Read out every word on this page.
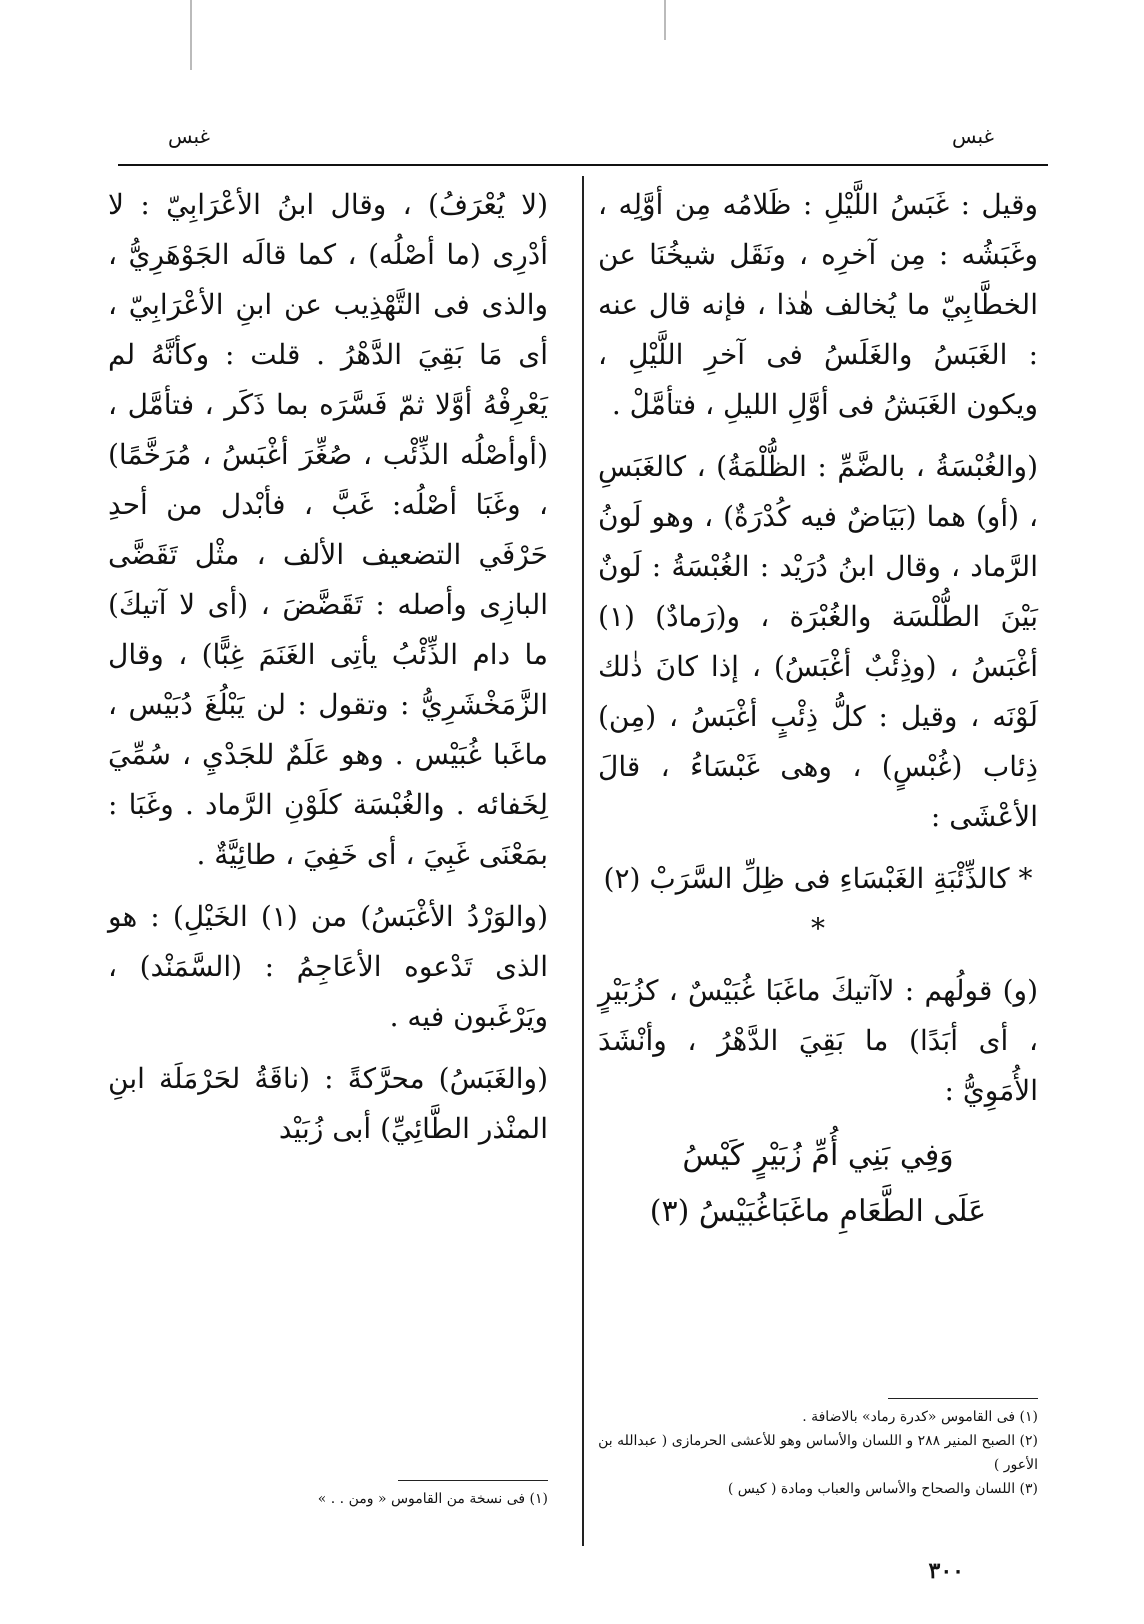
غبس
غبس

وقيل : غَبَسُ اللَّيْلِ : ظَلامُه مِن أوَّلِه ، وغَبَشُه : مِن آخرِه ، ونَقَل شيخُنَا عن الخطَّابِيّ ما يُخالف هٰذا ، فإنه قال عنه : الغَبَسُ والغَلَسُ فى آخرِ اللَّيْلِ ، ويكون الغَبَشُ فى أوَّلِ الليلِ ، فتأمَّلْ .

(والغُبْسَةُ ، بالضَّمِّ : الظُّلْمَةُ) ، كالغَبَسِ ، (أو) هما (بَيَاضٌ فيه كُدْرَةٌ) ، وهو لَونُ الرَّماد ، وقال ابنُ دُرَيْد : الغُبْسَةُ : لَونٌ بَيْنَ الطُّلْسَة والغُبْرَة ، و(رَمادٌ) (١) أغْبَسُ ، (وذِئْبٌ أغْبَسُ) ، إذا كانَ ذٰلك لَوْنَه ، وقيل : كلُّ ذِئْبٍ أغْبَسُ ، (مِن) ذِئاب (غُبْسٍ) ، وهى غَبْسَاءُ ، قالَ الأعْشَى :

* كالذِّئْبَةِ الغَبْسَاءِ فى ظِلِّ السَّرَبْ (٢) *

(و) قولُهم : لاآتيكَ ماغَبَا غُبَيْسٌ ، كزُبَيْرٍ ، أى أبَدًا) ما بَقِيَ الدَّهْرُ ، وأنْشَدَ الأُمَوِيُّ :

وَفِي بَنِي أُمِّ زُبَيْرٍ كَيْسُ

عَلَى الطَّعَامِ ماغَبَاغُبَيْسُ (٣)

(لا يُعْرَفُ) ، وقال ابنُ الأعْرَابِيّ : لا أدْرِى (ما أصْلُه) ، كما قالَه الجَوْهَرِيُّ ، والذى فى التَّهْذِيب عن ابنِ الأعْرَابِيّ ، أى مَا بَقِيَ الدَّهْرُ . قلت : وكأنَّهُ لم يَعْرِفْهُ أوَّلا ثمّ فَسَّرَه بما ذَكَر ، فتأمَّل ، (أوأصْلُه الذِّئْب ، صُغِّرَ أغْبَسُ ، مُرَخَّمًا) ، وغَبَا أصْلُه: غَبَّ ، فأبْدل من أحدِ حَرْفَي التضعيف الألف ، مثْل تَقَضَّى البازِى وأصله : تَقَضَّضَ ، (أى لا آتيكَ) ما دام الذِّئْبُ يأتِى الغَنَمَ غِبًّا) ، وقال الزَّمَخْشَرِيُّ : وتقول : لن يَبْلُغَ دُبَيْس ، ماغَبا غُبَيْس . وهو عَلَمٌ للجَدْيِ ، سُمِّيَ لِخَفائه . والغُبْسَة كلَوْنِ الرَّماد . وغَبَا : بمَعْنَى غَبِيَ ، أى خَفِيَ ، طائِيَّةٌ .

(والوَرْدُ الأغْبَسُ) من (١) الخَيْلِ) : هو الذى تَدْعوه الأعَاجِمُ : (السَّمَنْد) ، ويَرْغَبون فيه .

(والغَبَسُ) محرَّكةً : (ناقَةُ لحَرْمَلَة ابنِ المنْذر الطَّائِيِّ) أبى زُبَيْد

(١) فى القاموس «كدرة رماد» بالاضافة .
(٢) الصبح المنير ٢٨٨ و اللسان والأساس وهو للأعشى الحرمازى ( عبدالله بن الأعور )
(٣) اللسان والصحاح والأساس والعباب ومادة ( كيس )
(١) فى نسخة من القاموس « ومن . . »
٣٠٠
